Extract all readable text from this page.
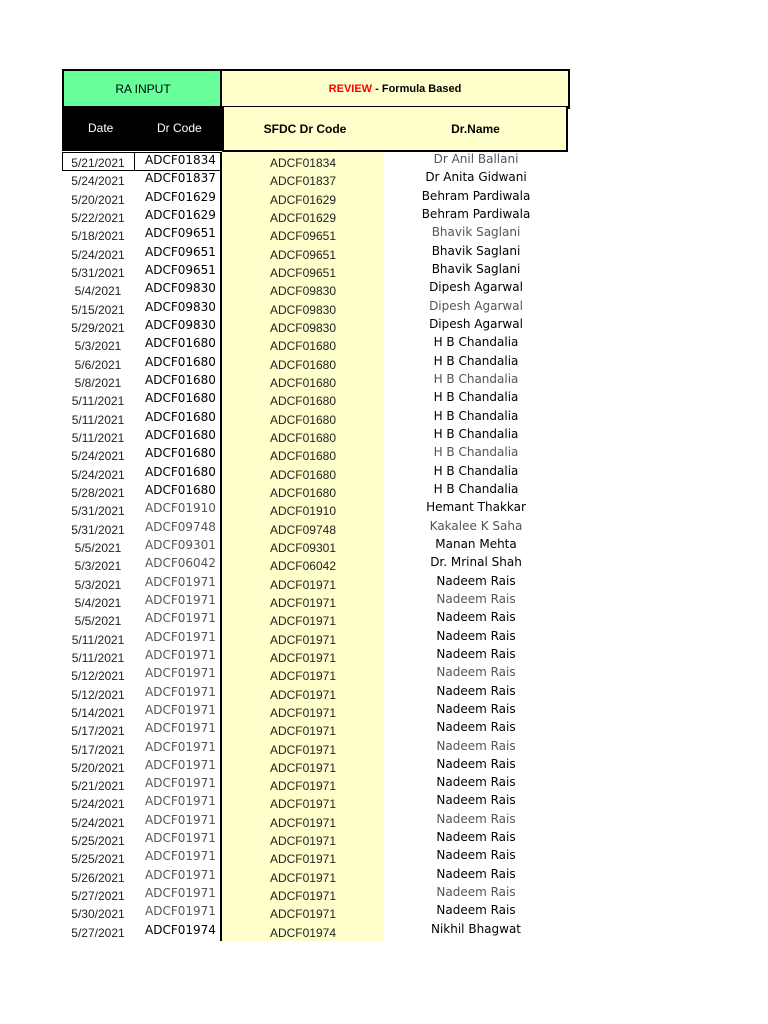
RA INPUT	REVIEW - Formula Based
Date	Dr Code	SFDC Dr Code	Dr.Name
5/21/2021	ADCF01834	ADCF01834	Dr Anil Ballani
5/24/2021	ADCF01837	ADCF01837	Dr Anita Gidwani
5/20/2021	ADCF01629	ADCF01629	Behram Pardiwala
5/22/2021	ADCF01629	ADCF01629	Behram Pardiwala
5/18/2021	ADCF09651	ADCF09651	Bhavik Saglani
5/24/2021	ADCF09651	ADCF09651	Bhavik Saglani
5/31/2021	ADCF09651	ADCF09651	Bhavik Saglani
5/4/2021	ADCF09830	ADCF09830	Dipesh Agarwal
5/15/2021	ADCF09830	ADCF09830	Dipesh Agarwal
5/29/2021	ADCF09830	ADCF09830	Dipesh Agarwal
5/3/2021	ADCF01680	ADCF01680	H B Chandalia
5/6/2021	ADCF01680	ADCF01680	H B Chandalia
5/8/2021	ADCF01680	ADCF01680	H B Chandalia
5/11/2021	ADCF01680	ADCF01680	H B Chandalia
5/11/2021	ADCF01680	ADCF01680	H B Chandalia
5/11/2021	ADCF01680	ADCF01680	H B Chandalia
5/24/2021	ADCF01680	ADCF01680	H B Chandalia
5/24/2021	ADCF01680	ADCF01680	H B Chandalia
5/28/2021	ADCF01680	ADCF01680	H B Chandalia
5/31/2021	ADCF01910	ADCF01910	Hemant Thakkar
5/31/2021	ADCF09748	ADCF09748	Kakalee K Saha
5/5/2021	ADCF09301	ADCF09301	Manan Mehta
5/3/2021	ADCF06042	ADCF06042	Dr. Mrinal Shah
5/3/2021	ADCF01971	ADCF01971	Nadeem Rais
5/4/2021	ADCF01971	ADCF01971	Nadeem Rais
5/5/2021	ADCF01971	ADCF01971	Nadeem Rais
5/11/2021	ADCF01971	ADCF01971	Nadeem Rais
5/11/2021	ADCF01971	ADCF01971	Nadeem Rais
5/12/2021	ADCF01971	ADCF01971	Nadeem Rais
5/12/2021	ADCF01971	ADCF01971	Nadeem Rais
5/14/2021	ADCF01971	ADCF01971	Nadeem Rais
5/17/2021	ADCF01971	ADCF01971	Nadeem Rais
5/17/2021	ADCF01971	ADCF01971	Nadeem Rais
5/20/2021	ADCF01971	ADCF01971	Nadeem Rais
5/21/2021	ADCF01971	ADCF01971	Nadeem Rais
5/24/2021	ADCF01971	ADCF01971	Nadeem Rais
5/24/2021	ADCF01971	ADCF01971	Nadeem Rais
5/25/2021	ADCF01971	ADCF01971	Nadeem Rais
5/25/2021	ADCF01971	ADCF01971	Nadeem Rais
5/26/2021	ADCF01971	ADCF01971	Nadeem Rais
5/27/2021	ADCF01971	ADCF01971	Nadeem Rais
5/30/2021	ADCF01971	ADCF01971	Nadeem Rais
5/27/2021	ADCF01974	ADCF01974	Nikhil Bhagwat
